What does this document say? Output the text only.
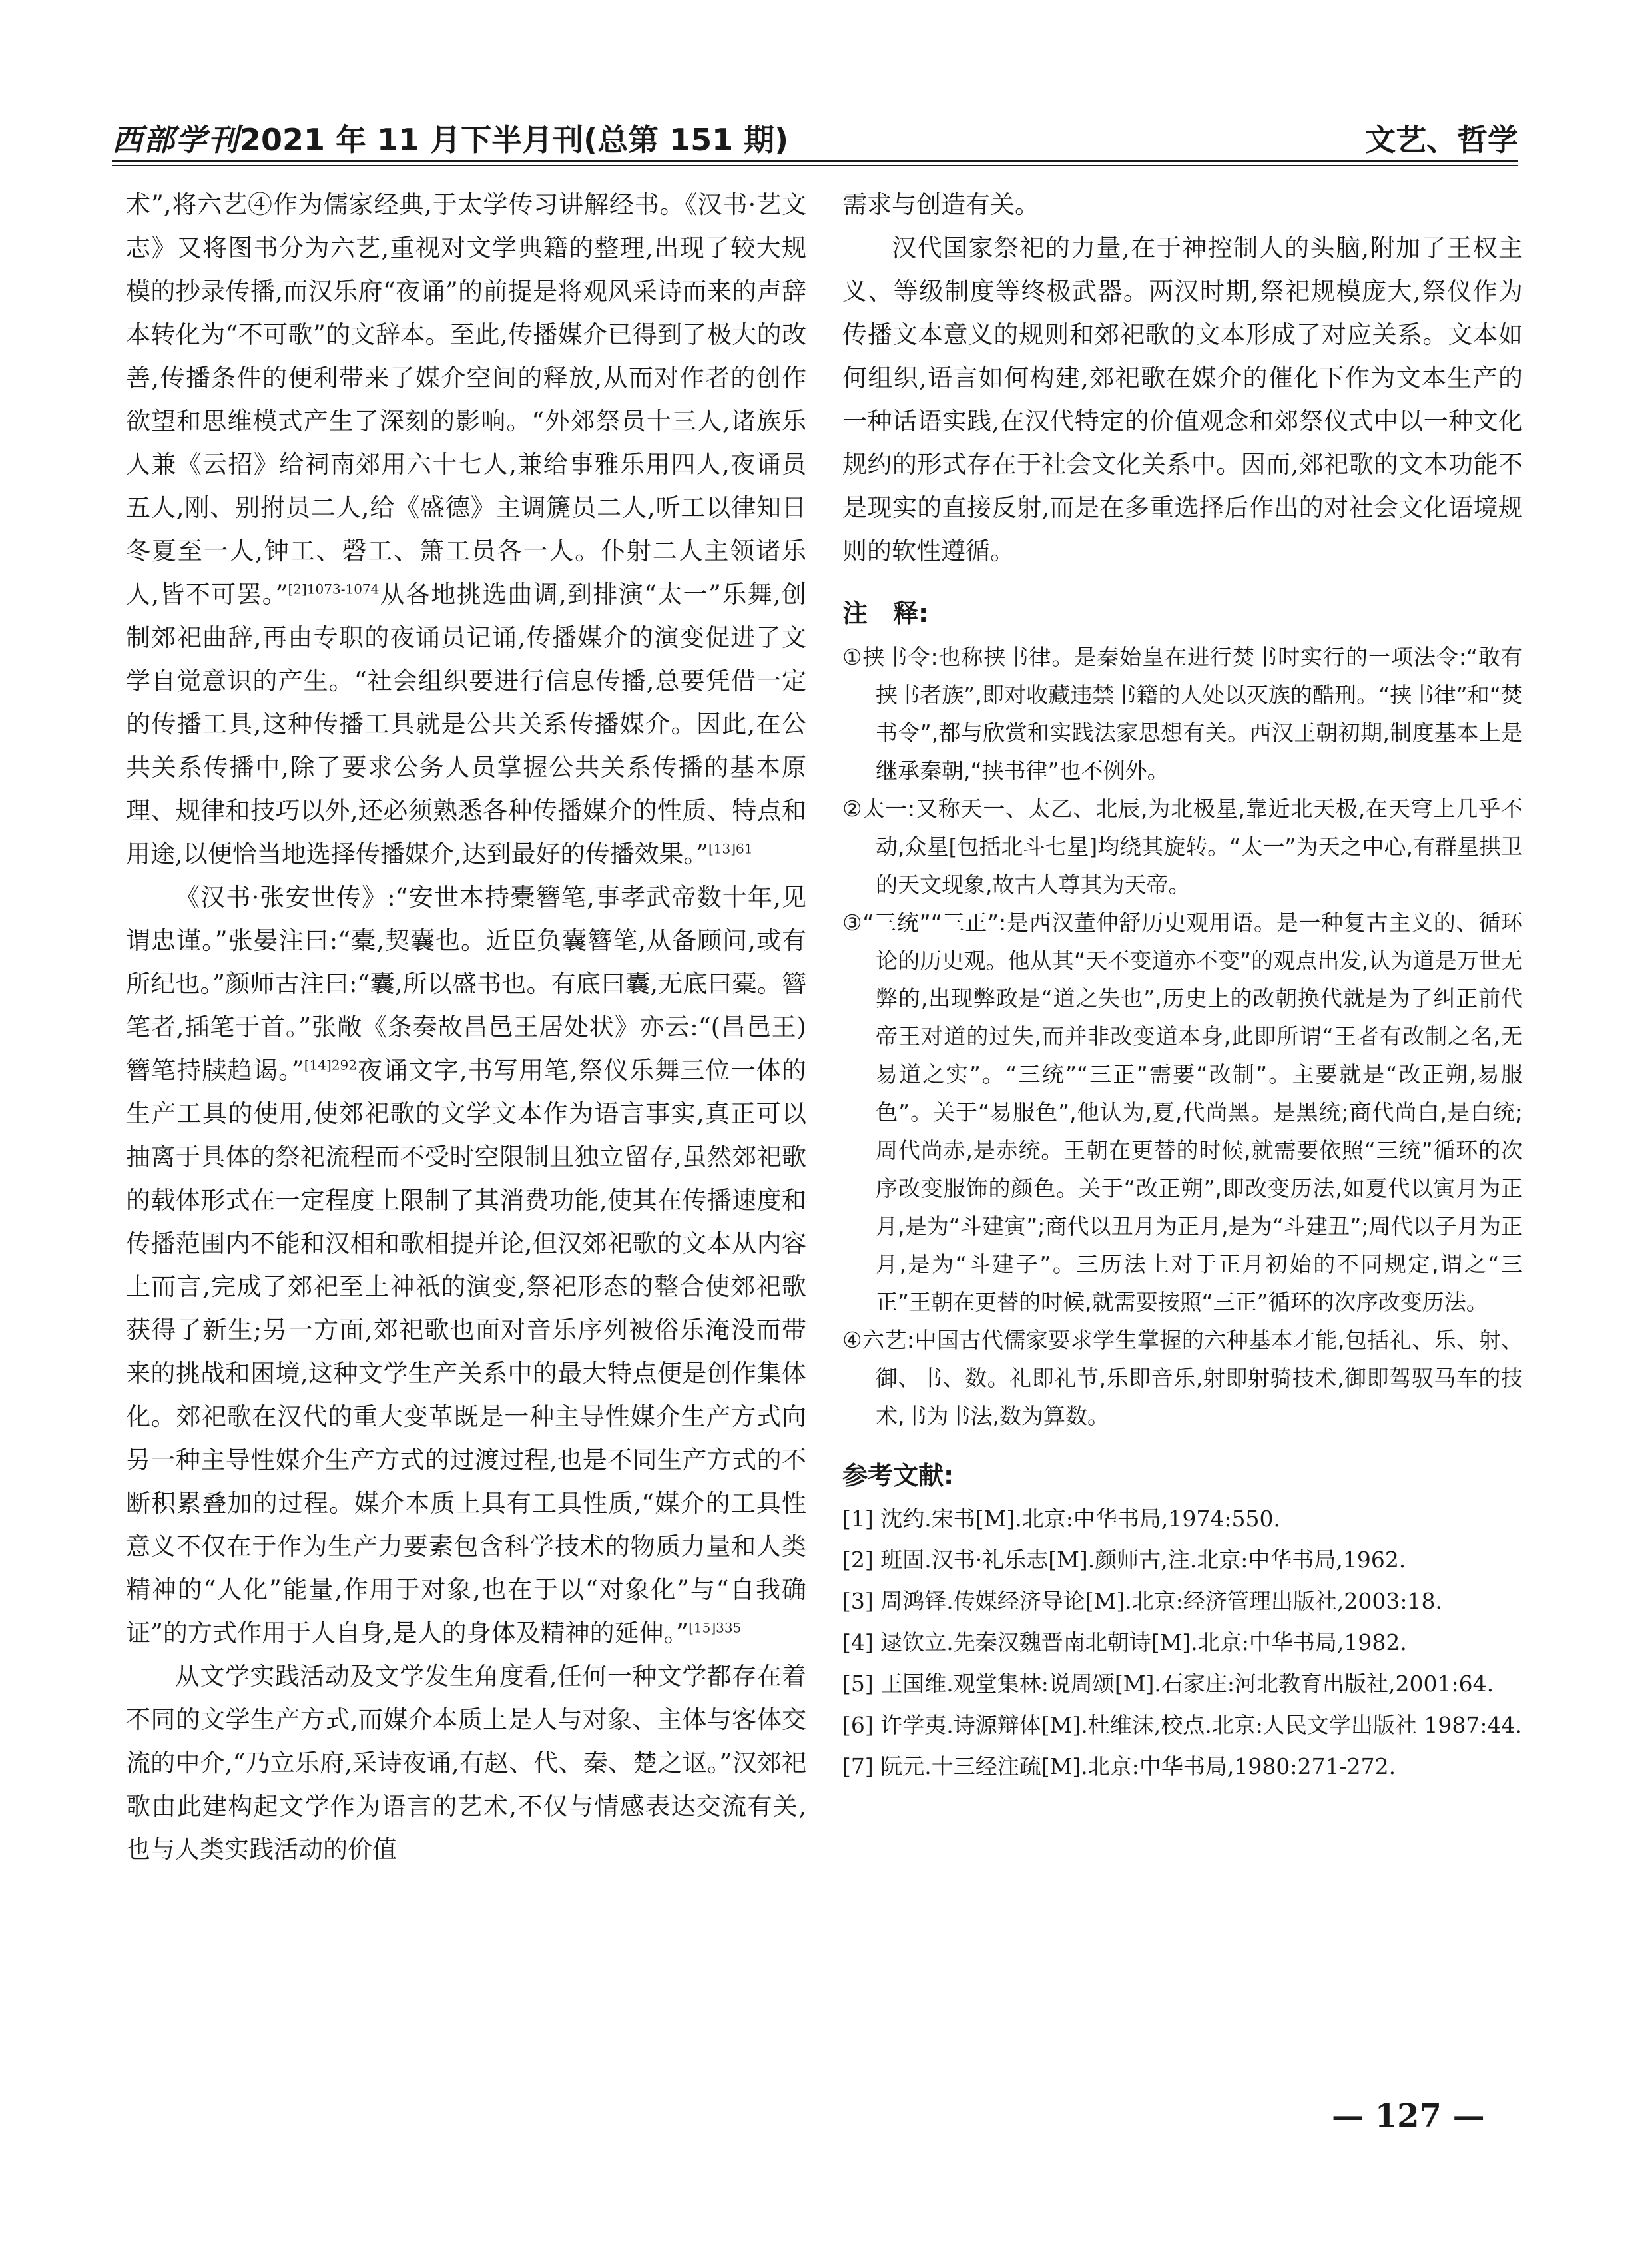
西部学刊2021 年 11 月下半月刊(总第 151 期)	文艺、哲学

术”,将六艺④作为儒家经典,于太学传习讲解经书。《汉书·艺文志》又将图书分为六艺,重视对文学典籍的整理,出现了较大规模的抄录传播,而汉乐府“夜诵”的前提是将观风采诗而来的声辞本转化为“不可歌”的文辞本。至此,传播媒介已得到了极大的改善,传播条件的便利带来了媒介空间的释放,从而对作者的创作欲望和思维模式产生了深刻的影响。“外郊祭员十三人,诸族乐人兼《云招》给祠南郊用六十七人,兼给事雅乐用四人,夜诵员五人,刚、别拊员二人,给《盛德》主调篪员二人,听工以律知日冬夏至一人,钟工、磬工、箫工员各一人。仆射二人主领诸乐人,皆不可罢。”$^{[2]1073-1074}$从各地挑选曲调,到排演“太一”乐舞,创制郊祀曲辞,再由专职的夜诵员记诵,传播媒介的演变促进了文学自觉意识的产生。“社会组织要进行信息传播,总要凭借一定的传播工具,这种传播工具就是公共关系传播媒介。因此,在公共关系传播中,除了要求公务人员掌握公共关系传播的基本原理、规律和技巧以外,还必须熟悉各种传播媒介的性质、特点和用途,以便恰当地选择传播媒介,达到最好的传播效果。”$^{[13]61}$

《汉书·张安世传》:“安世本持橐簪笔,事孝武帝数十年,见谓忠谨。”张晏注曰:“橐,契囊也。近臣负囊簪笔,从备顾问,或有所纪也。”颜师古注曰:“囊,所以盛书也。有底曰囊,无底曰橐。簪笔者,插笔于首。”张敞《条奏故昌邑王居处状》亦云:“(昌邑王)簪笔持牍趋谒。”$^{[14]292}$夜诵文字,书写用笔,祭仪乐舞三位一体的生产工具的使用,使郊祀歌的文学文本作为语言事实,真正可以抽离于具体的祭祀流程而不受时空限制且独立留存,虽然郊祀歌的载体形式在一定程度上限制了其消费功能,使其在传播速度和传播范围内不能和汉相和歌相提并论,但汉郊祀歌的文本从内容上而言,完成了郊祀至上神祇的演变,祭祀形态的整合使郊祀歌获得了新生;另一方面,郊祀歌也面对音乐序列被俗乐淹没而带来的挑战和困境,这种文学生产关系中的最大特点便是创作集体化。郊祀歌在汉代的重大变革既是一种主导性媒介生产方式向另一种主导性媒介生产方式的过渡过程,也是不同生产方式的不断积累叠加的过程。媒介本质上具有工具性质,“媒介的工具性意义不仅在于作为生产力要素包含科学技术的物质力量和人类精神的“人化”能量,作用于对象,也在于以“对象化”与“自我确证”的方式作用于人自身,是人的身体及精神的延伸。”$^{[15]335}$

从文学实践活动及文学发生角度看,任何一种文学都存在着不同的文学生产方式,而媒介本质上是人与对象、主体与客体交流的中介,“乃立乐府,采诗夜诵,有赵、代、秦、楚之讴。”汉郊祀歌由此建构起文学作为语言的艺术,不仅与情感表达交流有关,也与人类实践活动的价值

需求与创造有关。

汉代国家祭祀的力量,在于神控制人的头脑,附加了王权主义、等级制度等终极武器。两汉时期,祭祀规模庞大,祭仪作为传播文本意义的规则和郊祀歌的文本形成了对应关系。文本如何组织,语言如何构建,郊祀歌在媒介的催化下作为文本生产的一种话语实践,在汉代特定的价值观念和郊祭仪式中以一种文化规约的形式存在于社会文化关系中。因而,郊祀歌的文本功能不是现实的直接反射,而是在多重选择后作出的对社会文化语境规则的软性遵循。

注　释:

①挟书令:也称挟书律。是秦始皇在进行焚书时实行的一项法令:“敢有挟书者族”,即对收藏违禁书籍的人处以灭族的酷刑。“挟书律”和“焚书令”,都与欣赏和实践法家思想有关。西汉王朝初期,制度基本上是继承秦朝,“挟书律”也不例外。

②太一:又称天一、太乙、北辰,为北极星,靠近北天极,在天穹上几乎不动,众星[包括北斗七星]均绕其旋转。“太一”为天之中心,有群星拱卫的天文现象,故古人尊其为天帝。

③“三统”“三正”:是西汉董仲舒历史观用语。是一种复古主义的、循环论的历史观。他从其“天不变道亦不变”的观点出发,认为道是万世无弊的,出现弊政是“道之失也”,历史上的改朝换代就是为了纠正前代帝王对道的过失,而并非改变道本身,此即所谓“王者有改制之名,无易道之实”。“三统”“三正”需要“改制”。主要就是“改正朔,易服色”。关于“易服色”,他认为,夏,代尚黑。是黑统;商代尚白,是白统;周代尚赤,是赤统。王朝在更替的时候,就需要依照“三统”循环的次序改变服饰的颜色。关于“改正朔”,即改变历法,如夏代以寅月为正月,是为“斗建寅”;商代以丑月为正月,是为“斗建丑”;周代以子月为正月,是为“斗建子”。三历法上对于正月初始的不同规定,谓之“三正”王朝在更替的时候,就需要按照“三正”循环的次序改变历法。

④六艺:中国古代儒家要求学生掌握的六种基本才能,包括礼、乐、射、御、书、数。礼即礼节,乐即音乐,射即射骑技术,御即驾驭马车的技术,书为书法,数为算数。

参考文献:

[1] 沈约.宋书[M].北京:中华书局,1974:550.

[2] 班固.汉书·礼乐志[M].颜师古,注.北京:中华书局,1962.

[3] 周鸿铎.传媒经济导论[M].北京:经济管理出版社,2003:18.

[4] 逯钦立.先秦汉魏晋南北朝诗[M].北京:中华书局,1982.

[5] 王国维.观堂集林:说周颂[M].石家庄:河北教育出版社,2001:64.

[6] 许学夷.诗源辩体[M].杜维沫,校点.北京:人民文学出版社 1987:44.

[7] 阮元.十三经注疏[M].北京:中华书局,1980:271-272.

— 127 —
